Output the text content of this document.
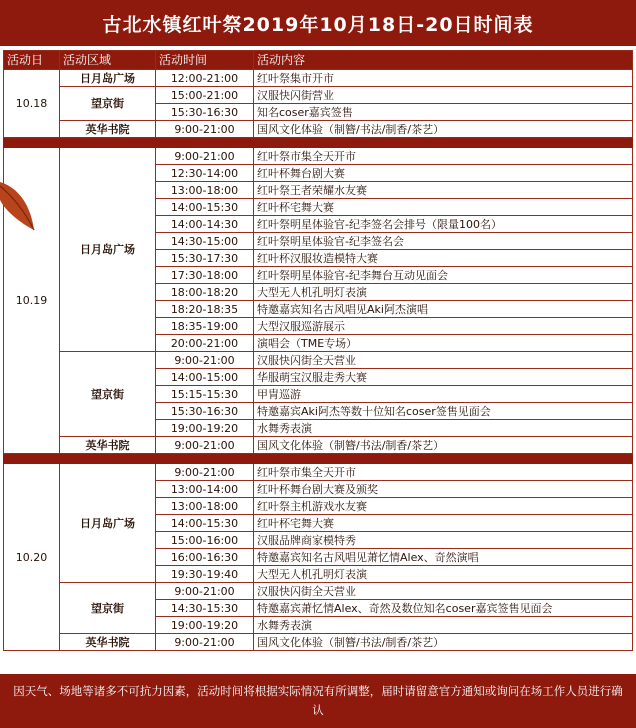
古北水镇红叶祭2019年10月18日-20日时间表
活动日	活动区域	活动时间	活动内容
10.18	日月岛广场	12:00-21:00	红叶祭集市开市
	望京街	15:00-21:00	汉服快闪街营业
		15:30-16:30	知名coser嘉宾签售
	英华书院	9:00-21:00	国风文化体验（制簪/书法/制香/茶艺）

10.19	日月岛广场	9:00-21:00	红叶祭市集全天开市
		12:30-14:00	红叶杯舞台剧大赛
		13:00-18:00	红叶祭王者荣耀水友赛
		14:00-15:30	红叶杯宅舞大赛
		14:00-14:30	红叶祭明星体验官-纪李签名会排号（限量100名）
		14:30-15:00	红叶祭明星体验官-纪李签名会
		15:30-17:30	红叶杯汉服妆造模特大赛
		17:30-18:00	红叶祭明星体验官-纪李舞台互动见面会
		18:00-18:20	大型无人机孔明灯表演
		18:20-18:35	特邀嘉宾知名古风唱见Aki阿杰演唱
		18:35-19:00	大型汉服巡游展示
		20:00-21:00	演唱会（TME专场）
	望京街	9:00-21:00	汉服快闪街全天营业
		14:00-15:00	华服萌宝汉服走秀大赛
		15:15-15:30	甲胄巡游
		15:30-16:30	特邀嘉宾Aki阿杰等数十位知名coser签售见面会
		19:00-19:20	水舞秀表演
	英华书院	9:00-21:00	国风文化体验（制簪/书法/制香/茶艺）

10.20	日月岛广场	9:00-21:00	红叶祭市集全天开市
		13:00-14:00	红叶杯舞台剧大赛及颁奖
		13:00-18:00	红叶祭主机游戏水友赛
		14:00-15:30	红叶杯宅舞大赛
		15:00-16:00	汉服品牌商家模特秀
		16:00-16:30	特邀嘉宾知名古风唱见萧忆情Alex、奇然演唱
		19:30-19:40	大型无人机孔明灯表演
	望京街	9:00-21:00	汉服快闪街全天营业
		14:30-15:30	特邀嘉宾萧忆情Alex、奇然及数位知名coser嘉宾签售见面会
		19:00-19:20	水舞秀表演
	英华书院	9:00-21:00	国风文化体验（制簪/书法/制香/茶艺）
因天气、场地等诸多不可抗力因素，活动时间将根据实际情况有所调整，届时请留意官方通知或询问在场工作人员进行确认
